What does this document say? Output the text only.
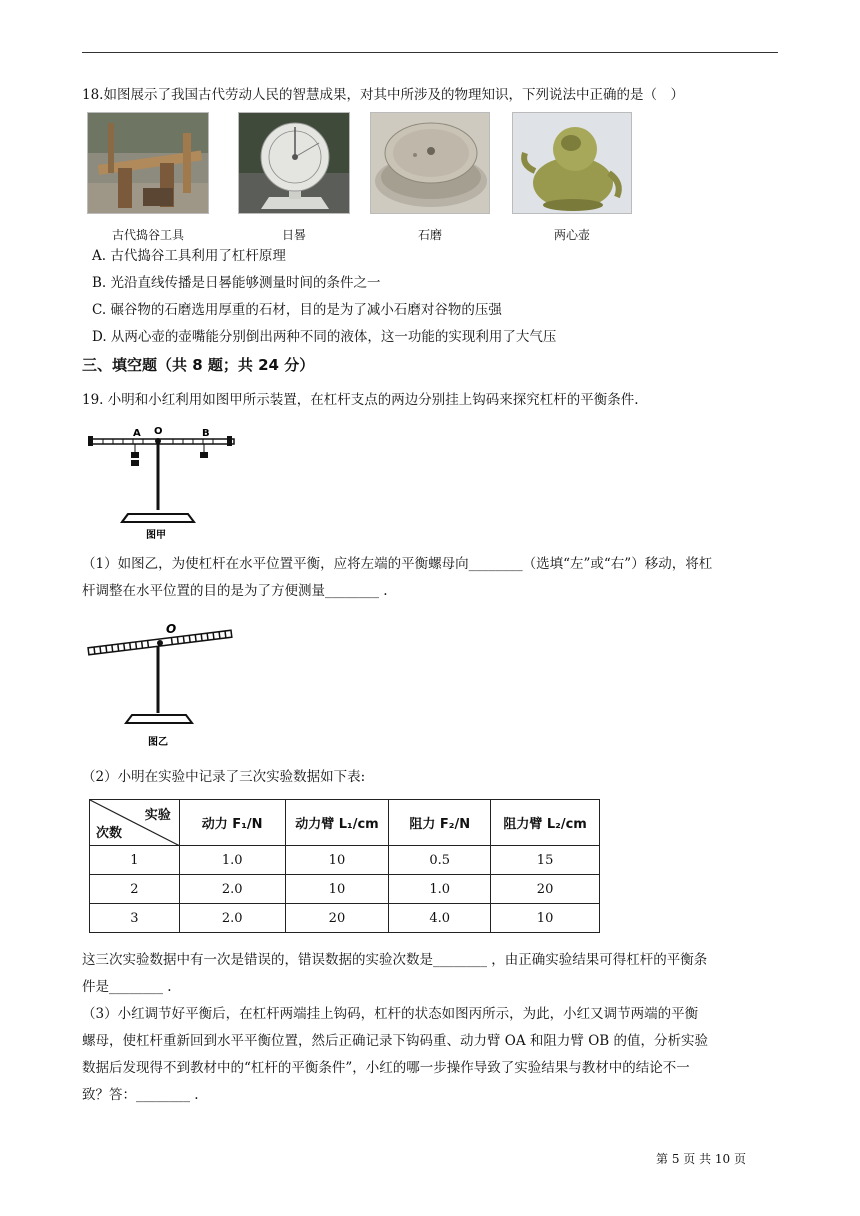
18.如图展示了我国古代劳动人民的智慧成果，对其中所涉及的物理知识，下列说法中正确的是（　）
古代捣谷工具	日晷	石磨	两心壶
A. 古代捣谷工具利用了杠杆原理
B. 光沿直线传播是日晷能够测量时间的条件之一
C. 碾谷物的石磨选用厚重的石材，目的是为了减小石磨对谷物的压强
D. 从两心壶的壶嘴能分别倒出两种不同的液体，这一功能的实现利用了大气压
三、填空题（共 8 题；共 24 分）
19. 小明和小红利用如图甲所示装置，在杠杆支点的两边分别挂上钩码来探究杠杆的平衡条件.
A O	B
图甲
（1）如图乙，为使杠杆在水平位置平衡，应将左端的平衡螺母向________（选填“左”或“右”）移动，将杠
杆调整在水平位置的目的是为了方便测量________ .
O
图乙
（2）小明在实验中记录了三次实验数据如下表:
实验
次数	动力 F₁/N	动力臂 L₁/cm	阻力 F₂/N	阻力臂 L₂/cm
1	1.0	10	0.5	15
2	2.0	10	1.0	20
3	2.0	20	4.0	10
这三次实验数据中有一次是错误的，错误数据的实验次数是________ ，由正确实验结果可得杠杆的平衡条
件是________ .
（3）小红调节好平衡后，在杠杆两端挂上钩码，杠杆的状态如图丙所示，为此，小红又调节两端的平衡
螺母，使杠杆重新回到水平平衡位置，然后正确记录下钩码重、动力臂 OA 和阻力臂 OB 的值，分析实验
数据后发现得不到教材中的“杠杆的平衡条件”，小红的哪一步操作导致了实验结果与教材中的结论不一
致？答：________ .
第 5 页 共 10 页
